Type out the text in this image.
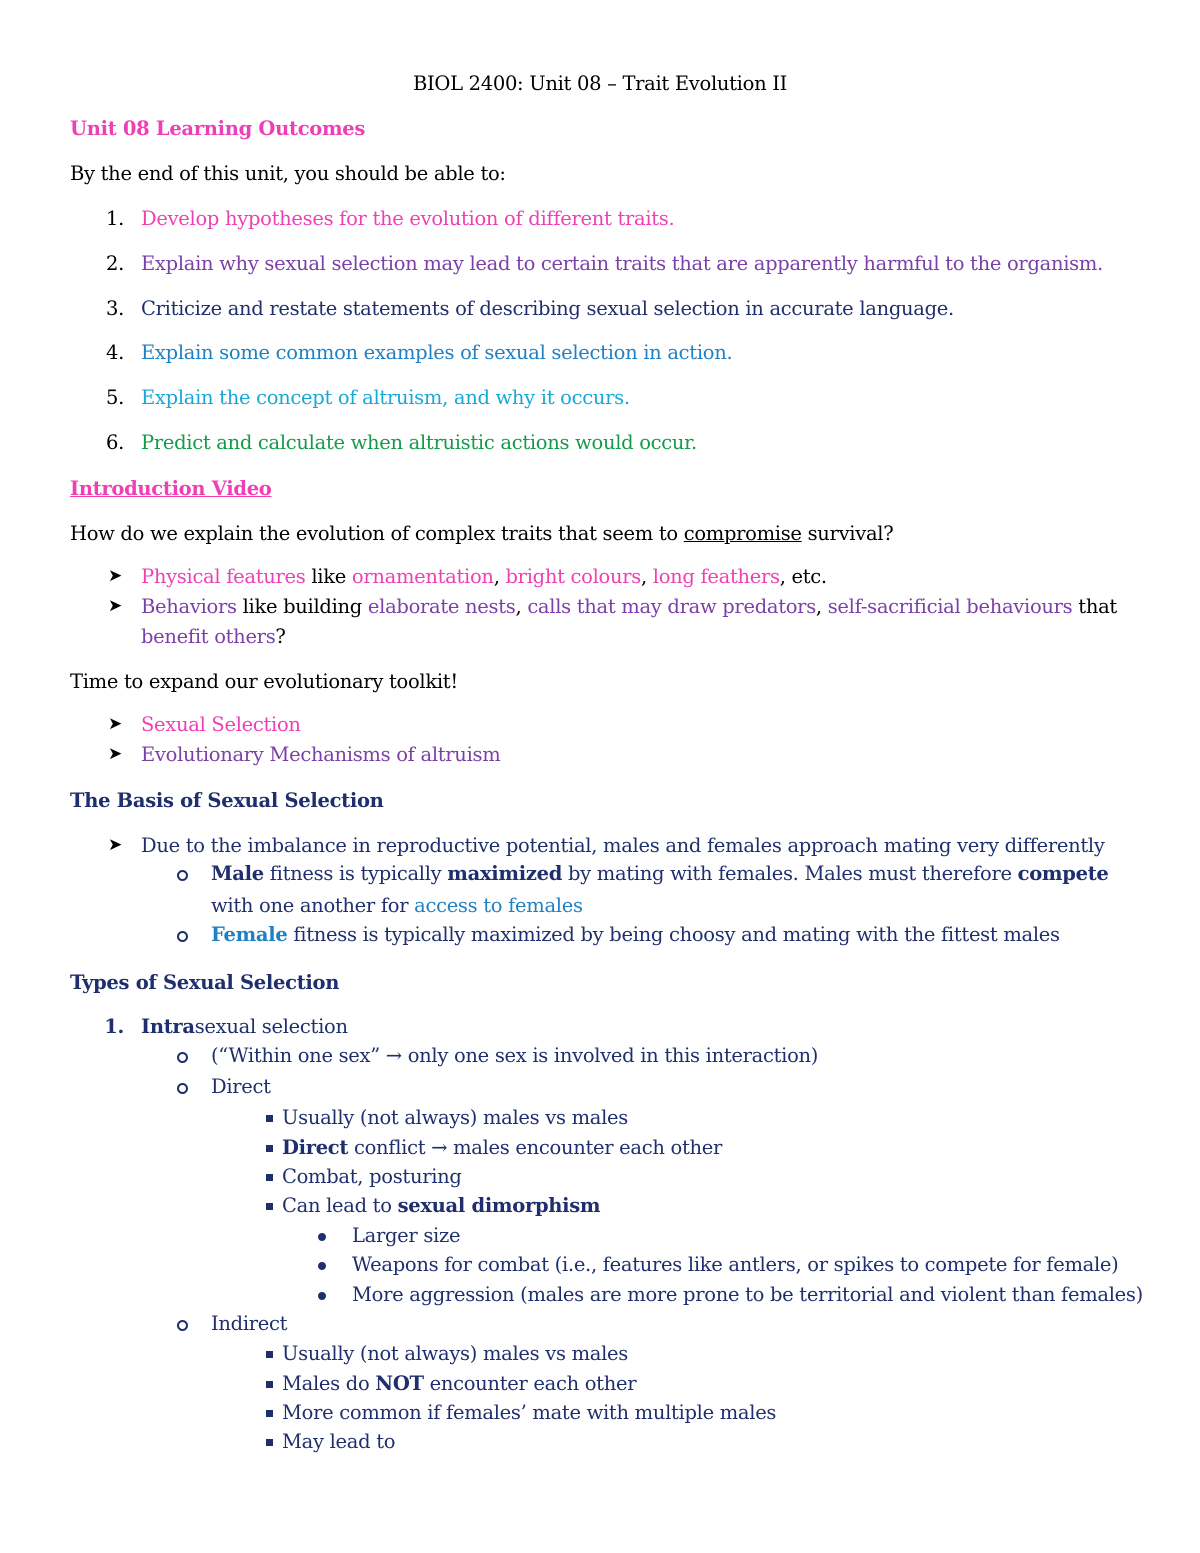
BIOL 2400: Unit 08 – Trait Evolution II
Unit 08 Learning Outcomes
By the end of this unit, you should be able to:
1. Develop hypotheses for the evolution of different traits.
2. Explain why sexual selection may lead to certain traits that are apparently harmful to the organism.
3. Criticize and restate statements of describing sexual selection in accurate language.
4. Explain some common examples of sexual selection in action.
5. Explain the concept of altruism, and why it occurs.
6. Predict and calculate when altruistic actions would occur.
Introduction Video
How do we explain the evolution of complex traits that seem to compromise survival?
➤ Physical features like ornamentation, bright colours, long feathers, etc.
➤ Behaviors like building elaborate nests, calls that may draw predators, self-sacrificial behaviours that
benefit others?
Time to expand our evolutionary toolkit!
➤ Sexual Selection
➤ Evolutionary Mechanisms of altruism
The Basis of Sexual Selection
➤ Due to the imbalance in reproductive potential, males and females approach mating very differently
Male fitness is typically maximized by mating with females. Males must therefore compete
with one another for access to females
Female fitness is typically maximized by being choosy and mating with the fittest males
Types of Sexual Selection
1. Intrasexual selection
(“Within one sex” → only one sex is involved in this interaction)
Direct
Usually (not always) males vs males
Direct conflict → males encounter each other
Combat, posturing
Can lead to sexual dimorphism
Larger size
Weapons for combat (i.e., features like antlers, or spikes to compete for female)
More aggression (males are more prone to be territorial and violent than females)
Indirect
Usually (not always) males vs males
Males do NOT encounter each other
More common if females’ mate with multiple males
May lead to
